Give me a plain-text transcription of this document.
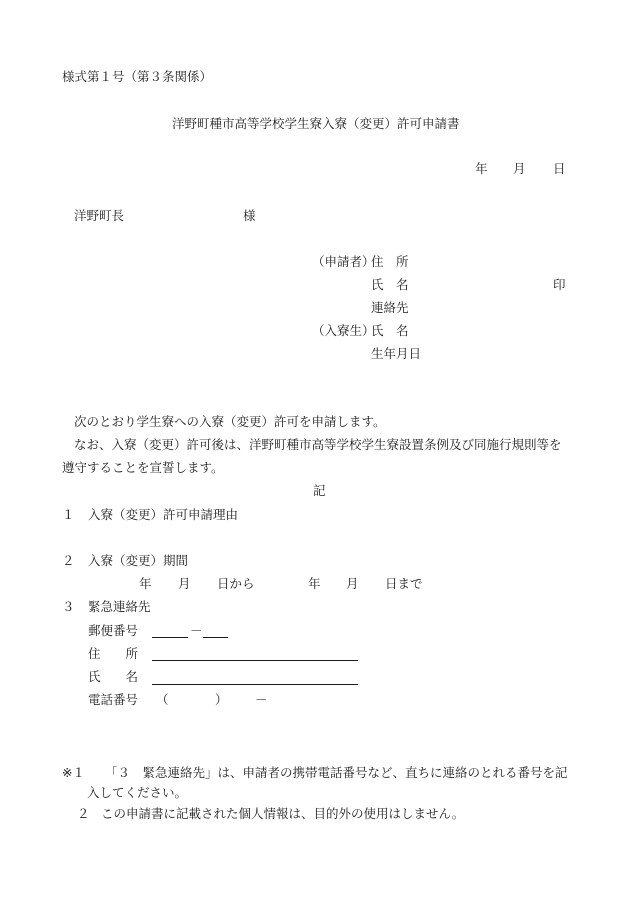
様式第１号（第３条関係）
洋野町種市高等学校学生寮入寮（変更）許可申請書
年 月 日
洋野町長	様
（申請者）
住　所
氏　名	印
連絡先
（入寮生）
氏　名
生年月日
次のとおり学生寮への入寮（変更）許可を申請します。
なお、入寮（変更）許可後は、洋野町種市高等学校学生寮設置条例及び同施行規則等を
遵守することを宣誓します。
記
１ 入寮（変更）許可申請理由
２ 入寮（変更）期間
年 月 日から	年 月 日まで
３ 緊急連絡先
郵便番号	－
住　　所
氏　　名
電話番号 （	） －
※１ 「３　緊急連絡先」は、申請者の携帯電話番号など、直ちに連絡のとれる番号を記
入してください。
２ この申請書に記載された個人情報は、目的外の使用はしません。
